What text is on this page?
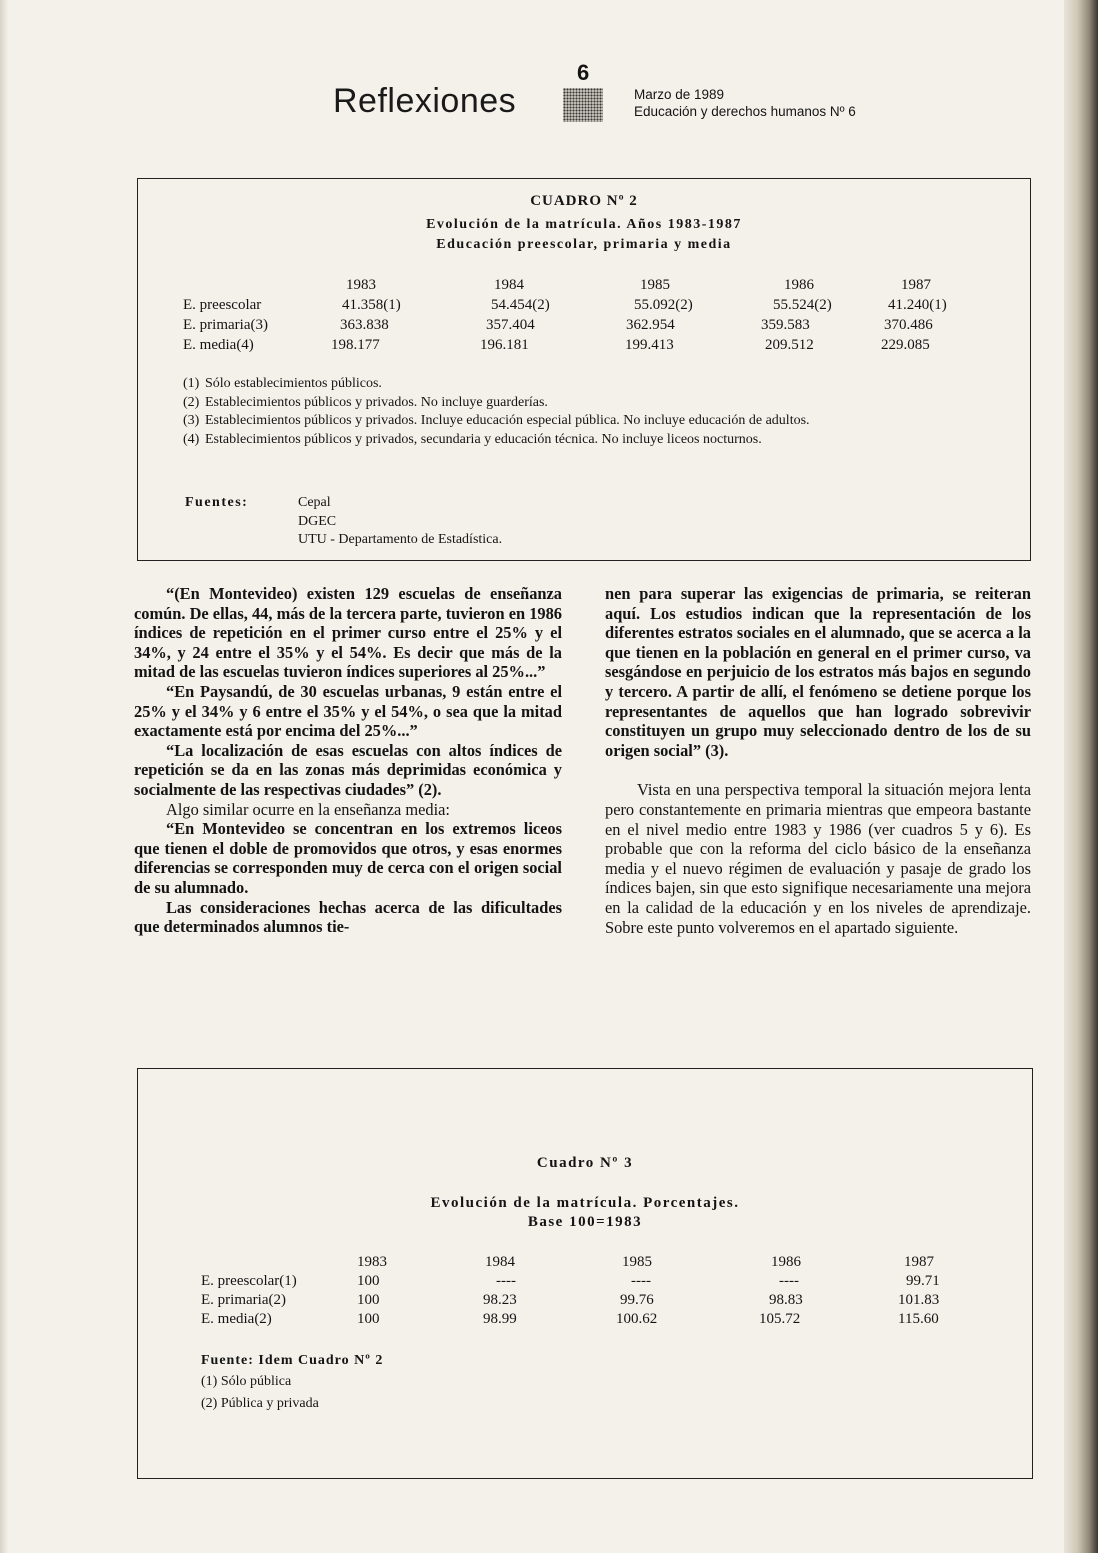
6
Reflexiones	Marzo de 1989
Educación y derechos humanos Nº 6
CUADRO Nº 2
Evolución de la matrícula. Años 1983-1987
Educación preescolar, primaria y media
1983	1984	1985	1986	1987
E. preescolar	41.358(1)	54.454(2)	55.092(2)	55.524(2)	41.240(1)
E. primaria(3)	363.838	357.404	362.954	359.583	370.486
E. media(4)	198.177	196.181	199.413	209.512	229.085
(1) Sólo establecimientos públicos.
(2) Establecimientos públicos y privados. No incluye guarderías.
(3) Establecimientos públicos y privados. Incluye educación especial pública. No incluye educación de adultos.
(4) Establecimientos públicos y privados, secundaria y educación técnica. No incluye liceos nocturnos.
Fuentes:	Cepal
DGEC
UTU - Departamento de Estadística.

“(En Montevideo) existen 129 escuelas de enseñanza común. De ellas, 44, más de la tercera parte, tuvieron en 1986 índices de repetición en el primer curso entre el 25% y el 34%, y 24 entre el 35% y el 54%. Es decir que más de la mitad de las escuelas tuvieron índices superiores al 25%...”

“En Paysandú, de 30 escuelas urbanas, 9 están entre el 25% y el 34% y 6 entre el 35% y el 54%, o sea que la mitad exactamente está por encima del 25%...”

“La localización de esas escuelas con altos índices de repetición se da en las zonas más deprimidas económica y socialmente de las respectivas ciudades” (2).

Algo similar ocurre en la enseñanza media:

“En Montevideo se concentran en los extremos liceos que tienen el doble de promovidos que otros, y esas enormes diferencias se corresponden muy de cerca con el origen social de su alumnado.

Las consideraciones hechas acerca de las dificultades que determinados alumnos tie-

nen para superar las exigencias de primaria, se reiteran aquí. Los estudios indican que la representación de los diferentes estratos sociales en el alumnado, que se acerca a la que tienen en la población en general en el primer curso, va sesgándose en perjuicio de los estratos más bajos en segundo y tercero. A partir de allí, el fenómeno se detiene porque los representantes de aquellos que han logrado sobrevivir constituyen un grupo muy seleccionado dentro de los de su origen social” (3).

Vista en una perspectiva temporal la situación mejora lenta pero constantemente en primaria mientras que empeora bastante en el nivel medio entre 1983 y 1986 (ver cuadros 5 y 6). Es probable que con la reforma del ciclo básico de la enseñanza media y el nuevo régimen de evaluación y pasaje de grado los índices bajen, sin que esto signifique necesariamente una mejora en la calidad de la educación y en los niveles de aprendizaje. Sobre este punto volveremos en el apartado siguiente.

Cuadro Nº 3
Evolución de la matrícula. Porcentajes.
Base 100=1983
1983	1984	1985	1986	1987
E. preescolar(1)	100	----	----	----	99.71
E. primaria(2)	100	98.23	99.76	98.83	101.83
E. media(2)	100	98.99	100.62	105.72	115.60
Fuente: Idem Cuadro Nº 2
(1) Sólo pública
(2) Pública y privada
